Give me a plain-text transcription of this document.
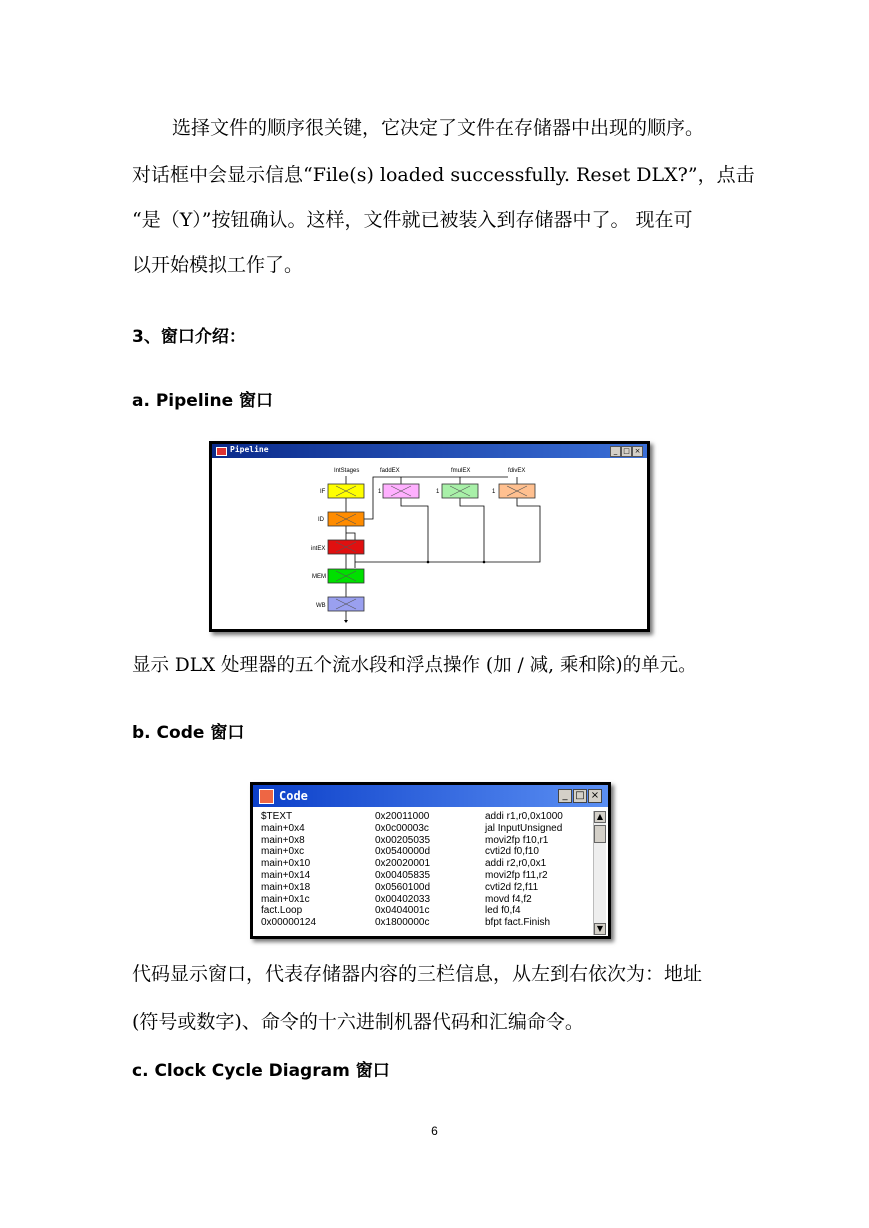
选择文件的顺序很关键，它决定了文件在存储器中出现的顺序。
对话框中会显示信息“File(s) loaded successfully. Reset DLX?”，点击
“是（Y）”按钮确认。这样，文件就已被装入到存储器中了。 现在可
以开始模拟工作了。
3、窗口介绍：
a. Pipeline 窗口
Pipeline	_ □ ×
IntStages	faddEX	fmulEX	fdivEX
IF
ID
intEX
MEM
WB
1	1	1
显示 DLX 处理器的五个流水段和浮点操作 (加 / 减, 乘和除)的单元。
b. Code 窗口
Code	_ □ ×
$TEXT	0x20011000	addi r1,r0,0x1000
main+0x4	0x0c00003c	jal InputUnsigned
main+0x8	0x00205035	movi2fp f10,r1
main+0xc	0x0540000d	cvti2d f0,f10
main+0x10	0x20020001	addi r2,r0,0x1
main+0x14	0x00405835	movi2fp f11,r2
main+0x18	0x0560100d	cvti2d f2,f11
main+0x1c	0x00402033	movd f4,f2
fact.Loop	0x0404001c	led f0,f4
0x00000124	0x1800000c	bfpt fact.Finish
▲
▼
代码显示窗口，代表存储器内容的三栏信息，从左到右依次为：地址
(符号或数字)、命令的十六进制机器代码和汇编命令。
c. Clock Cycle Diagram 窗口
6
